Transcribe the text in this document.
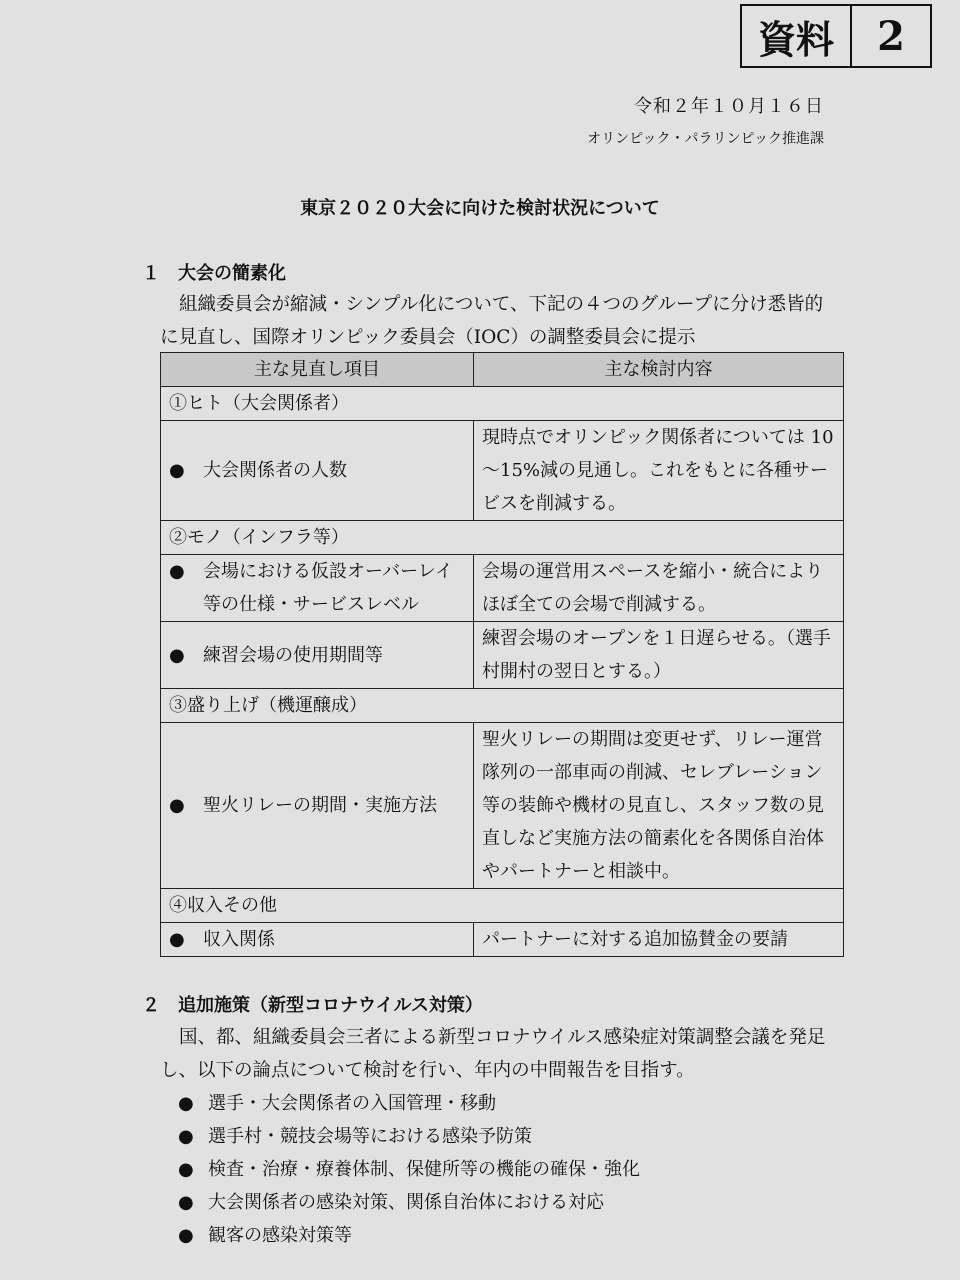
資料	2
令和２年１０月１６日
オリンピック・パラリンピック推進課
東京２０２０大会に向けた検討状況について
１ 大会の簡素化
組織委員会が縮減・シンプル化について、下記の４つのグループに分け悉皆的に見直し、国際オリンピック委員会（IOC）の調整委員会に提示
主な見直し項目	主な検討内容
①ヒト（大会関係者）	

● 大会関係者の人数	現時点でオリンピック関係者については 10～15%減の見通し。これをもとに各種サービスを削減する。
②モノ（インフラ等）	

● 会場における仮設オーバーレイ等の仕様・サービスレベル	会場の運営用スペースを縮小・統合によりほぼ全ての会場で削減する。

● 練習会場の使用期間等	練習会場のオープンを１日遅らせる。（選手村開村の翌日とする。）
③盛り上げ（機運醸成）	

● 聖火リレーの期間・実施方法	聖火リレーの期間は変更せず、リレー運営隊列の一部車両の削減、セレブレーション等の装飾や機材の見直し、スタッフ数の見直しなど実施方法の簡素化を各関係自治体やパートナーと相談中。
④収入その他	

● 収入関係	パートナーに対する追加協賛金の要請
２ 追加施策（新型コロナウイルス対策）
国、都、組織委員会三者による新型コロナウイルス感染症対策調整会議を発足し、以下の論点について検討を行い、年内の中間報告を目指す。
● 選手・大会関係者の入国管理・移動
● 選手村・競技会場等における感染予防策
● 検査・治療・療養体制、保健所等の機能の確保・強化
● 大会関係者の感染対策、関係自治体における対応
● 観客の感染対策等
